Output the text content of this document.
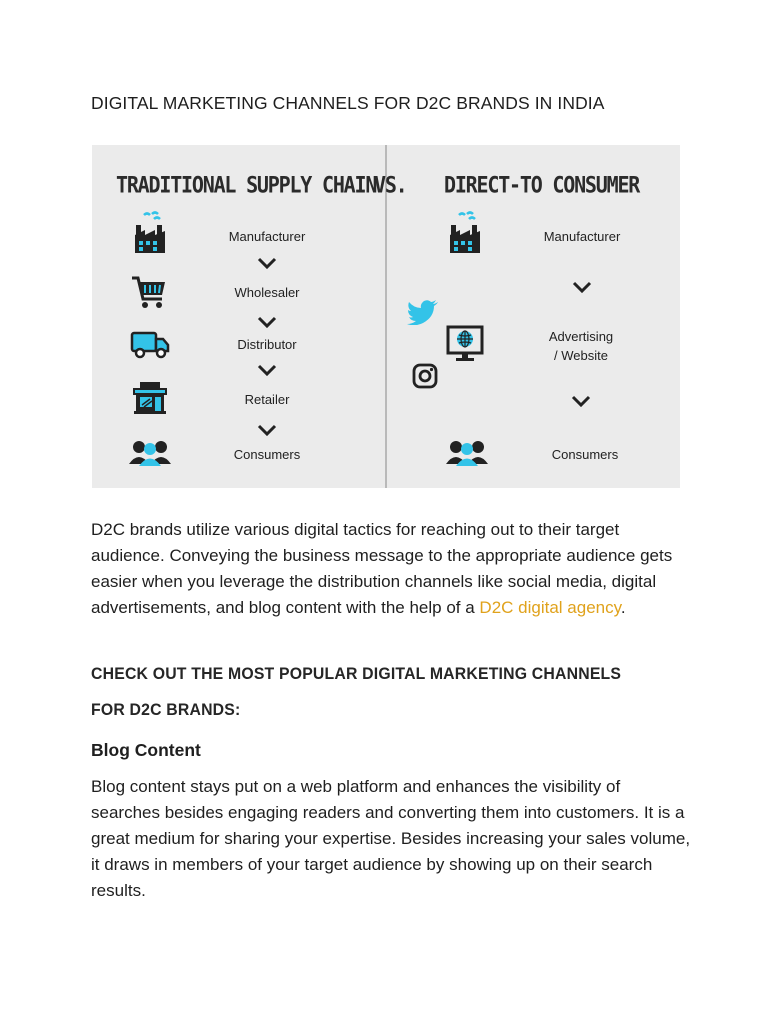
DIGITAL MARKETING CHANNELS FOR D2C BRANDS IN INDIA
TRADITIONAL SUPPLY CHAIN
VS. DIRECT-TO CONSUMER
Manufacturer
Wholesaler
Distributor
Retailer
Consumers
Manufacturer
Advertising
/ Website
Consumers

D2C brands utilize various digital tactics for reaching out to their target audience. Conveying the business message to the appropriate audience gets easier when you leverage the distribution channels like social media, digital advertisements, and blog content with the help of a D2C digital agency.

CHECK OUT THE MOST POPULAR DIGITAL MARKETING CHANNELS FOR D2C BRANDS:
Blog Content

Blog content stays put on a web platform and enhances the visibility of searches besides engaging readers and converting them into customers. It is a great medium for sharing your expertise. Besides increasing your sales volume, it draws in members of your target audience by showing up on their search results.
